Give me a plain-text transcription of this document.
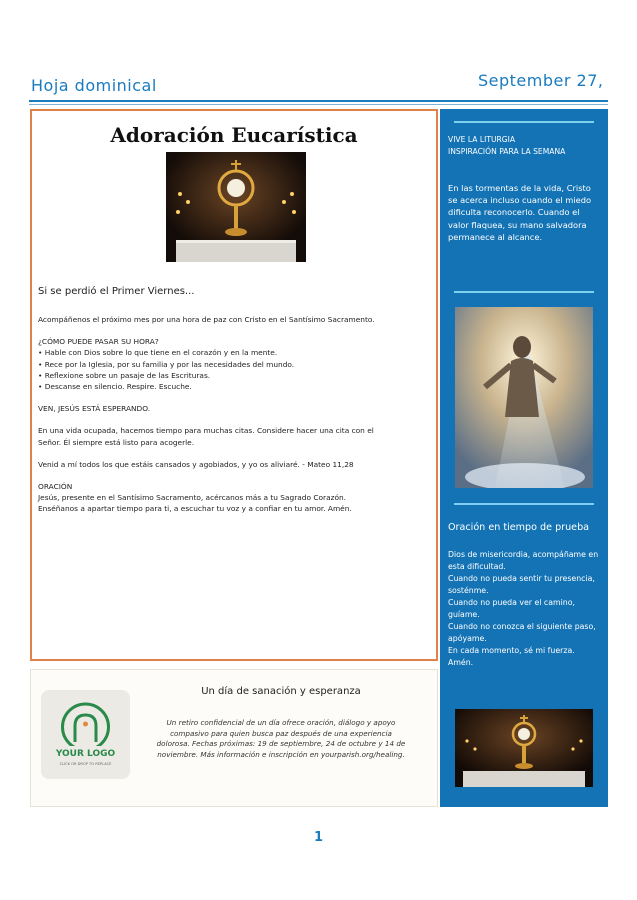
Hoja dominical	September 27,
Adoración Eucarística
Si se perdió el Primer Viernes...

Acompáñenos el próximo mes por una hora de paz con Cristo en el Santísimo Sacramento.

¿CÓMO PUEDE PASAR SU HORA?

• Hable con Dios sobre lo que tiene en el corazón y en la mente.

• Rece por la Iglesia, por su familia y por las necesidades del mundo.

• Reflexione sobre un pasaje de las Escrituras.

• Descanse en silencio. Respire. Escuche.

VEN, JESÚS ESTÁ ESPERANDO.

En una vida ocupada, hacemos tiempo para muchas citas. Considere hacer una cita con el Señor. Él siempre está listo para acogerle.

Venid a mí todos los que estáis cansados y agobiados, y yo os aliviaré. - Mateo 11,28

ORACIÓN

Jesús, presente en el Santísimo Sacramento, acércanos más a tu Sagrado Corazón. Enséñanos a apartar tiempo para ti, a escuchar tu voz y a confiar en tu amor. Amén.

VIVE LA LITURGIA
INSPIRACIÓN PARA LA SEMANA
En las tormentas de la vida, Cristo se acerca incluso cuando el miedo dificulta reconocerlo. Cuando el valor flaquea, su mano salvadora permanece al alcance.
Oración en tiempo de prueba

Dios de misericordia, acompáñame en esta dificultad.

Cuando no pueda sentir tu presencia, sosténme.

Cuando no pueda ver el camino, guíame.

Cuando no conozca el siguiente paso, apóyame.

En cada momento, sé mi fuerza.

Amén.

YOUR LOGO
CLICK OR DROP TO REPLACE
Un día de sanación y esperanza
Un retiro confidencial de un día ofrece oración, diálogo y apoyo compasivo para quien busca paz después de una experiencia dolorosa. Fechas próximas: 19 de septiembre, 24 de octubre y 14 de noviembre. Más información e inscripción en yourparish.org/healing.
1
